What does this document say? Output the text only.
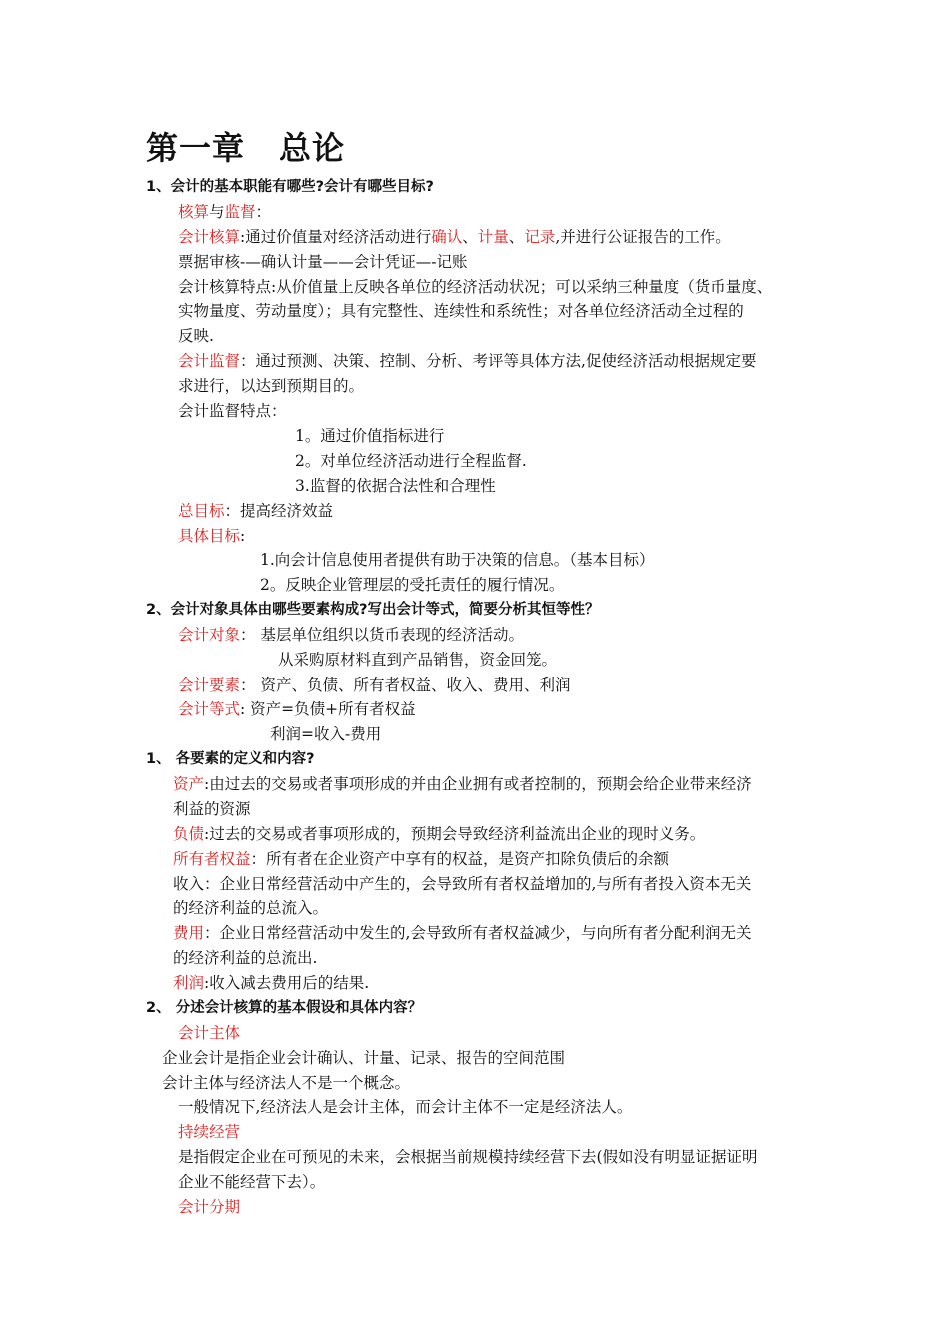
第一章 总论
1、会计的基本职能有哪些?会计有哪些目标?
核算与监督：
会计核算:通过价值量对经济活动进行确认、计量、记录,并进行公证报告的工作。
票据审核-—确认计量——会计凭证—-记账
会计核算特点:从价值量上反映各单位的经济活动状况；可以采纳三种量度（货币量度、
实物量度、劳动量度）；具有完整性、连续性和系统性；对各单位经济活动全过程的
反映.
会计监督：通过预测、决策、控制、分析、考评等具体方法,促使经济活动根据规定要
求进行，以达到预期目的。
会计监督特点：
1。通过价值指标进行
2。对单位经济活动进行全程监督.
3.监督的依据合法性和合理性
总目标：提高经济效益
具体目标:
1.向会计信息使用者提供有助于决策的信息。（基本目标）
2。反映企业管理层的受托责任的履行情况。
2、会计对象具体由哪些要素构成?写出会计等式，简要分析其恒等性？
会计对象： 基层单位组织以货币表现的经济活动。
从采购原材料直到产品销售，资金回笼。
会计要素： 资产、负债、所有者权益、收入、费用、利润
会计等式: 资产=负债+所有者权益
利润=收入-费用
1、 各要素的定义和内容?
资产:由过去的交易或者事项形成的并由企业拥有或者控制的，预期会给企业带来经济
利益的资源
负债:过去的交易或者事项形成的，预期会导致经济利益流出企业的现时义务。
所有者权益：所有者在企业资产中享有的权益，是资产扣除负债后的余额
收入：企业日常经营活动中产生的，会导致所有者权益增加的,与所有者投入资本无关
的经济利益的总流入。
费用：企业日常经营活动中发生的,会导致所有者权益减少，与向所有者分配利润无关
的经济利益的总流出.
利润:收入减去费用后的结果.
2、 分述会计核算的基本假设和具体内容？
会计主体
企业会计是指企业会计确认、计量、记录、报告的空间范围
会计主体与经济法人不是一个概念。
一般情况下,经济法人是会计主体，而会计主体不一定是经济法人。
持续经营
是指假定企业在可预见的未来，会根据当前规模持续经营下去(假如没有明显证据证明
企业不能经营下去）。
会计分期
